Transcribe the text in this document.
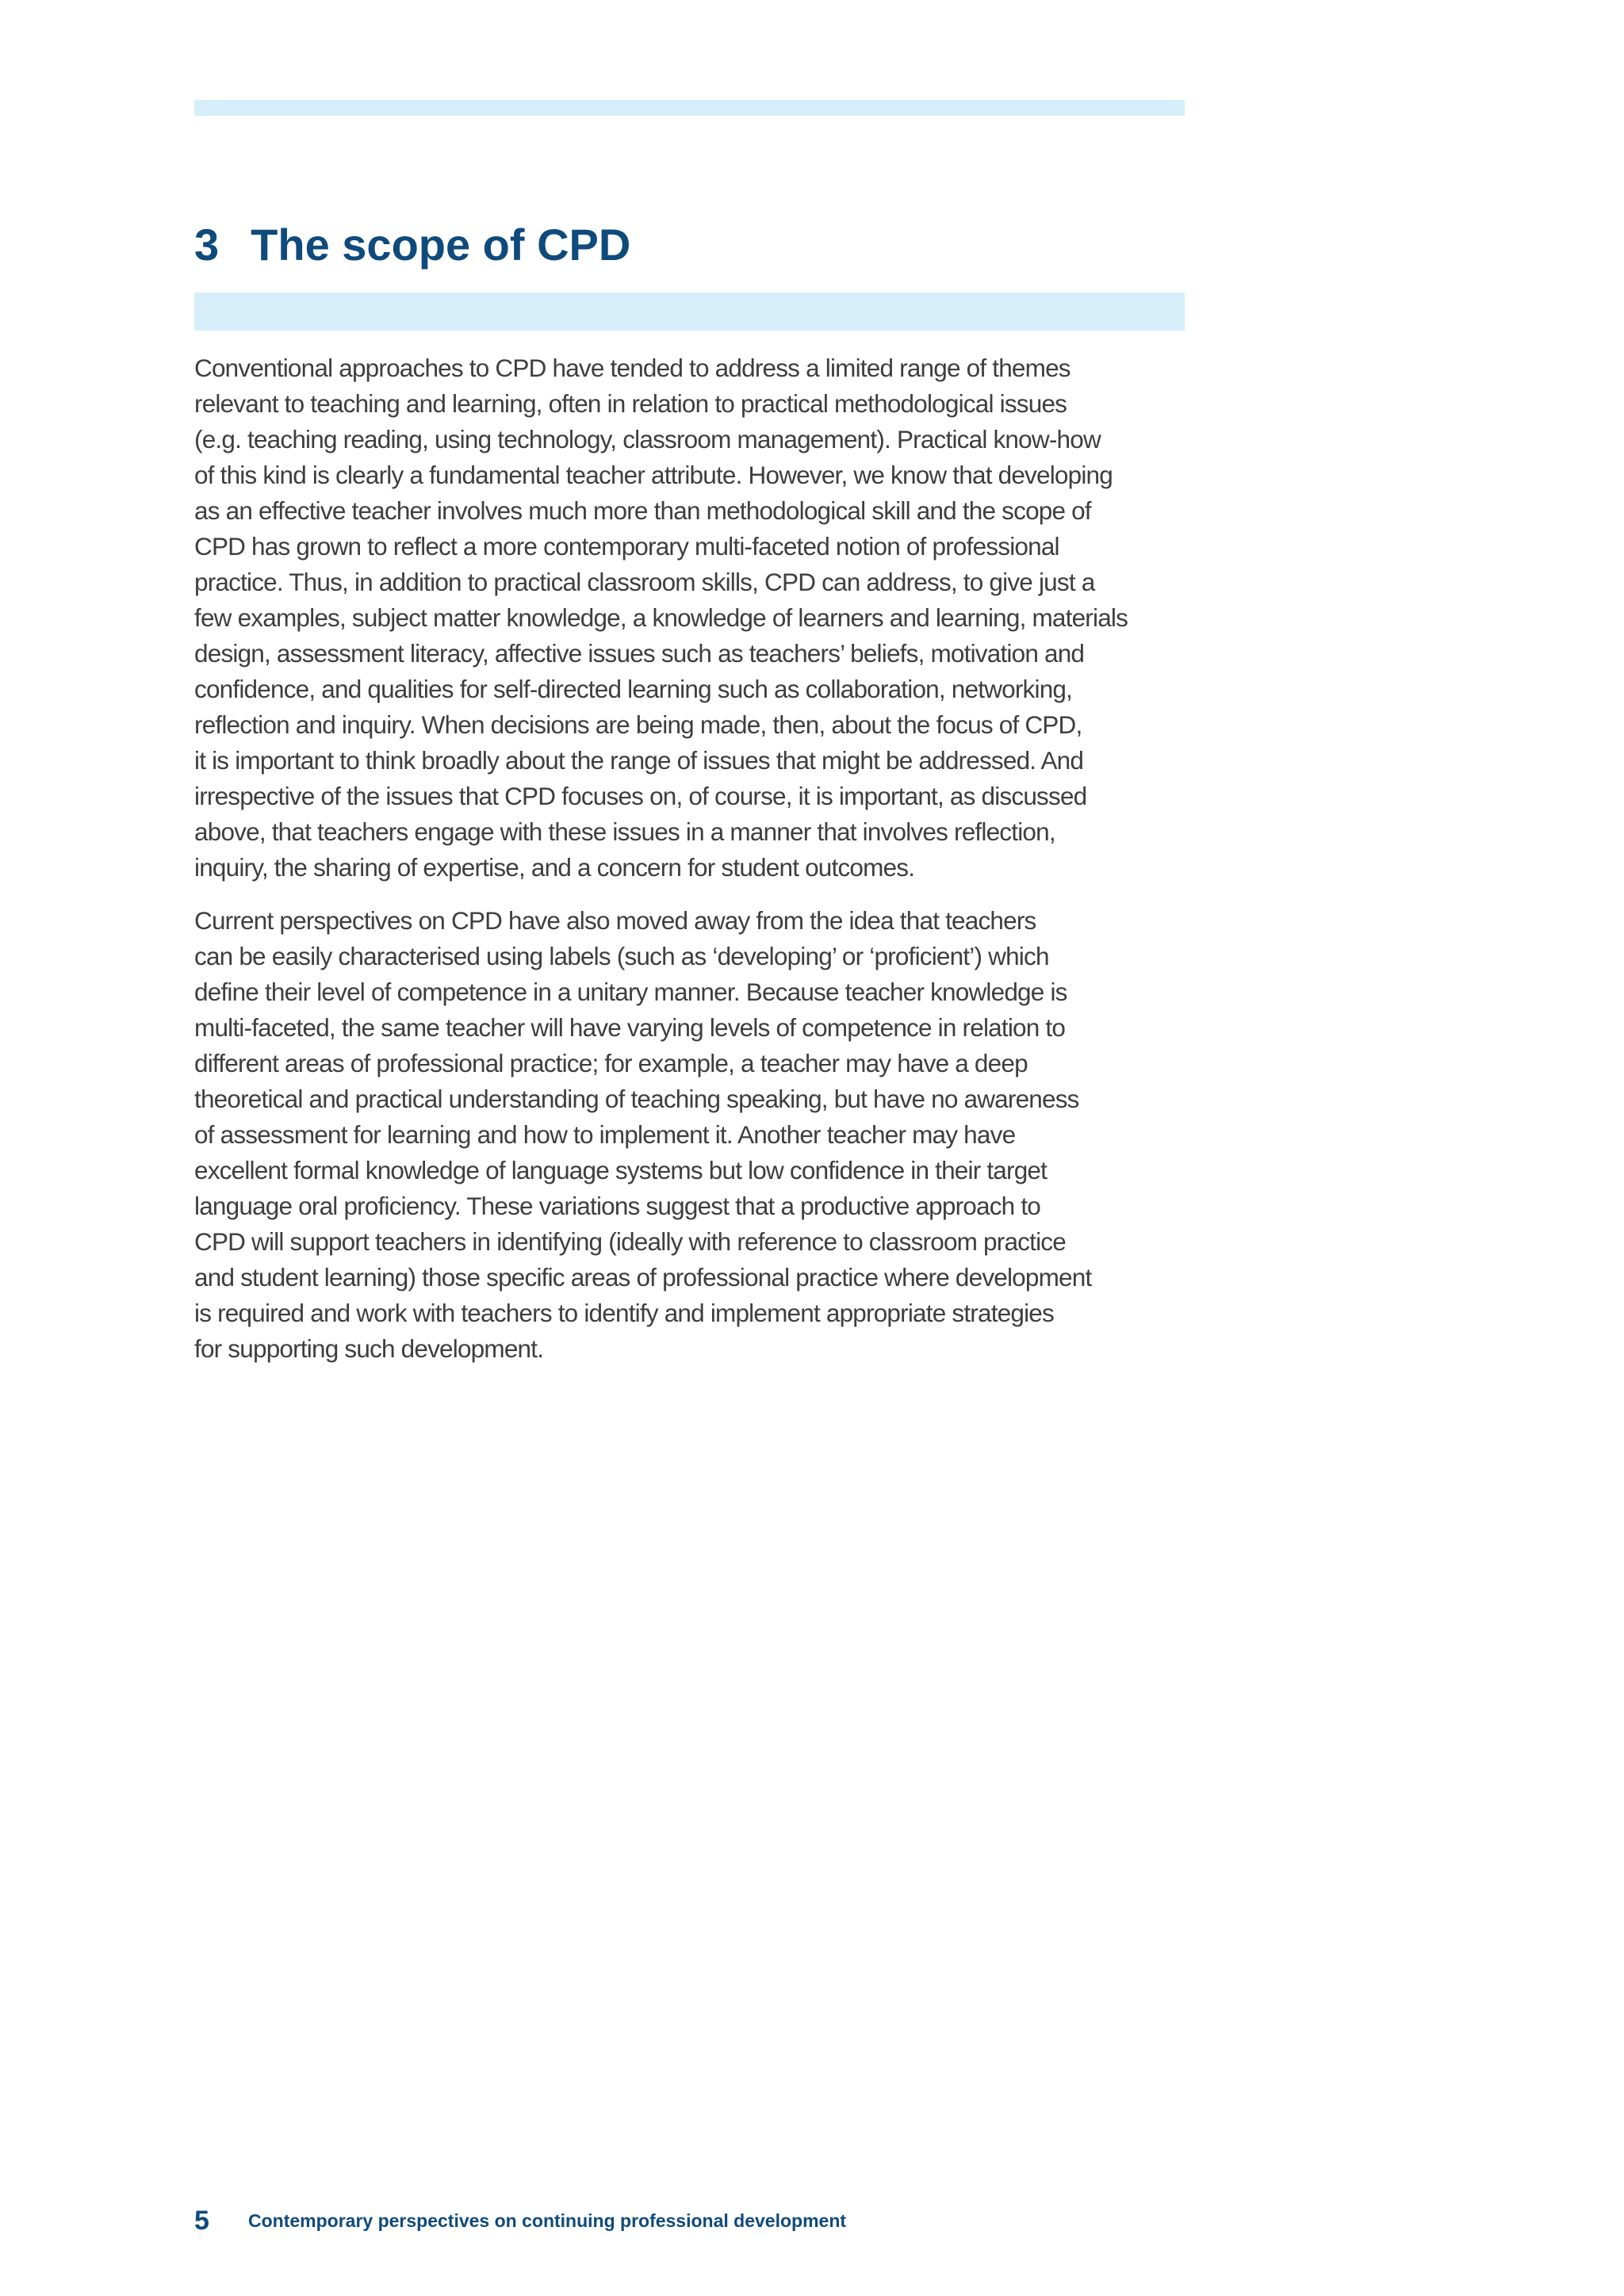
3 The scope of CPD

Conventional approaches to CPD have tended to address a limited range of themes
relevant to teaching and learning, often in relation to practical methodological issues
(e.g. teaching reading, using technology, classroom management). Practical know-how
of this kind is clearly a fundamental teacher attribute. However, we know that developing
as an effective teacher involves much more than methodological skill and the scope of
CPD has grown to reflect a more contemporary multi-faceted notion of professional
practice. Thus, in addition to practical classroom skills, CPD can address, to give just a
few examples, subject matter knowledge, a knowledge of learners and learning, materials
design, assessment literacy, affective issues such as teachers’ beliefs, motivation and
confidence, and qualities for self-directed learning such as collaboration, networking,
reflection and inquiry. When decisions are being made, then, about the focus of CPD,
it is important to think broadly about the range of issues that might be addressed. And
irrespective of the issues that CPD focuses on, of course, it is important, as discussed
above, that teachers engage with these issues in a manner that involves reflection,
inquiry, the sharing of expertise, and a concern for student outcomes.

Current perspectives on CPD have also moved away from the idea that teachers
can be easily characterised using labels (such as ‘developing’ or ‘proficient’) which
define their level of competence in a unitary manner. Because teacher knowledge is
multi-faceted, the same teacher will have varying levels of competence in relation to
different areas of professional practice; for example, a teacher may have a deep
theoretical and practical understanding of teaching speaking, but have no awareness
of assessment for learning and how to implement it. Another teacher may have
excellent formal knowledge of language systems but low confidence in their target
language oral proficiency. These variations suggest that a productive approach to
CPD will support teachers in identifying (ideally with reference to classroom practice
and student learning) those specific areas of professional practice where development
is required and work with teachers to identify and implement appropriate strategies
for supporting such development.

5 Contemporary perspectives on continuing professional development
